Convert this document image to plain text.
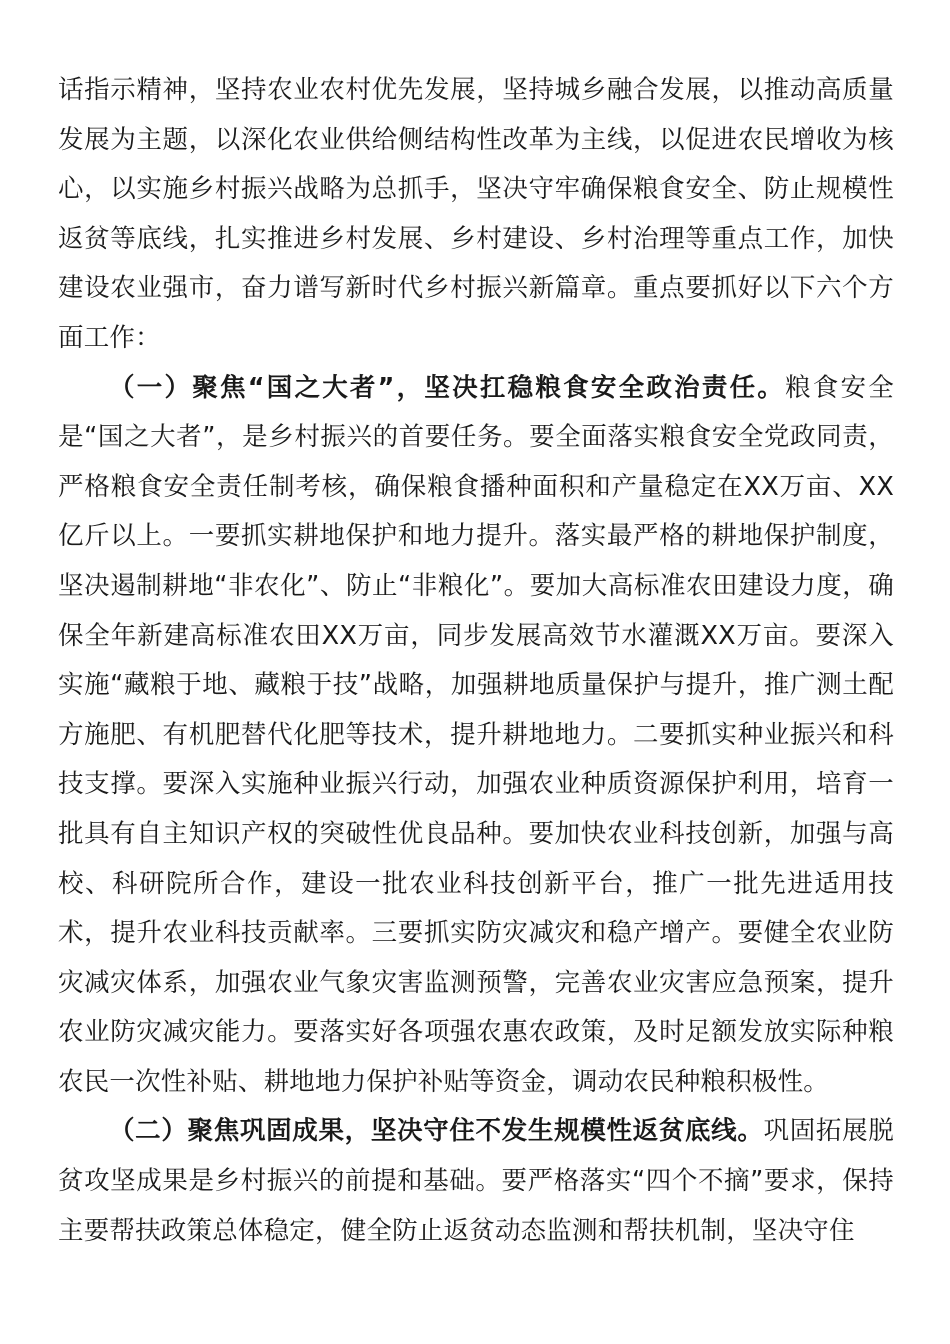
话指示精神，坚持农业农村优先发展，坚持城乡融合发展，以推动高质量发展为主题，以深化农业供给侧结构性改革为主线，以促进农民增收为核心，以实施乡村振兴战略为总抓手，坚决守牢确保粮食安全、防止规模性返贫等底线，扎实推进乡村发展、乡村建设、乡村治理等重点工作，加快建设农业强市，奋力谱写新时代乡村振兴新篇章。重点要抓好以下六个方面工作：

（一）聚焦“国之大者”，坚决扛稳粮食安全政治责任。粮食安全是“国之大者”，是乡村振兴的首要任务。要全面落实粮食安全党政同责，严格粮食安全责任制考核，确保粮食播种面积和产量稳定在XX万亩、XX亿斤以上。一要抓实耕地保护和地力提升。落实最严格的耕地保护制度，坚决遏制耕地“非农化”、防止“非粮化”。要加大高标准农田建设力度，确保全年新建高标准农田XX万亩，同步发展高效节水灌溉XX万亩。要深入实施“藏粮于地、藏粮于技”战略，加强耕地质量保护与提升，推广测土配方施肥、有机肥替代化肥等技术，提升耕地地力。二要抓实种业振兴和科技支撑。要深入实施种业振兴行动，加强农业种质资源保护利用，培育一批具有自主知识产权的突破性优良品种。要加快农业科技创新，加强与高校、科研院所合作，建设一批农业科技创新平台，推广一批先进适用技术，提升农业科技贡献率。三要抓实防灾减灾和稳产增产。要健全农业防灾减灾体系，加强农业气象灾害监测预警，完善农业灾害应急预案，提升农业防灾减灾能力。要落实好各项强农惠农政策，及时足额发放实际种粮农民一次性补贴、耕地地力保护补贴等资金，调动农民种粮积极性。

（二）聚焦巩固成果，坚决守住不发生规模性返贫底线。巩固拓展脱贫攻坚成果是乡村振兴的前提和基础。要严格落实“四个不摘”要求，保持主要帮扶政策总体稳定，健全防止返贫动态监测和帮扶机制，坚决守住
